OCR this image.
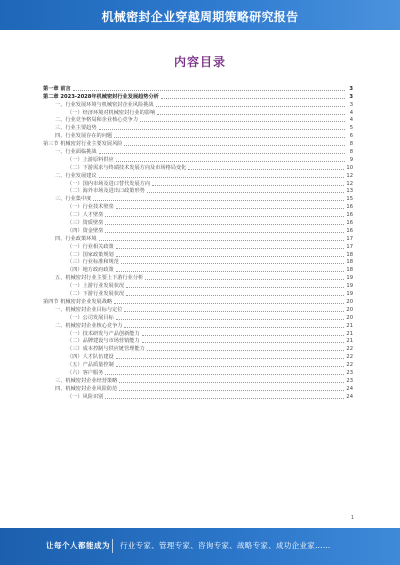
机械密封企业穿越周期策略研究报告
内容目录
第一章 前言	3
第二章 2023-2028年机械密封行业发展趋势分析	3
一、行业发展环境与机械密封企业风险挑战	3
（一）经济环境对机械密封行业的影响	4
二、行业竞争格局和企业核心竞争力	4
三、行业主要趋势	5
四、行业发展存在的问题	6
第三节 机械密封行业主要发展风险	8
一、行业面临挑战	8
（一）上游原料供应	9
（二）下游需求与终端技术发展方向及市场格局变化	10
二、行业发展建议	12
（一）国内市场及进口替代发展方向	12
（二）海外市场及进出口政策形势	13
三、行业集中度	15
（一）行业技术壁垒	16
（二）人才壁垒	16
（三）资质壁垒	16
（四）资金壁垒	16
四、行业政策环境	17
（一）行业相关政策	17
（二）国家政策规划	18
（三）行业标准和规范	18
（四）地方政府政策	18
五、机械密封行业主要上下游行业分析	19
（一）上游行业发展状况	19
（二）下游行业发展状况	19
第四节 机械密封企业发展战略	20
一、机械密封企业目标与定位	20
（一）公司发展目标	20
二、机械密封企业核心竞争力	21
（一）技术研发与产品创新能力	21
（二）品牌建设与市场营销能力	21
（三）成本控制与供应链管理能力	22
（四）人才队伍建设	22
（五）产品质量控制	22
（六）客户服务	23
三、机械密封企业经营策略	23
四、机械密封企业风险防范	24
（一）风险识别	24
1
让每个人都能成为 行业专家、管理专家、咨询专家、战略专家、成功企业家……
